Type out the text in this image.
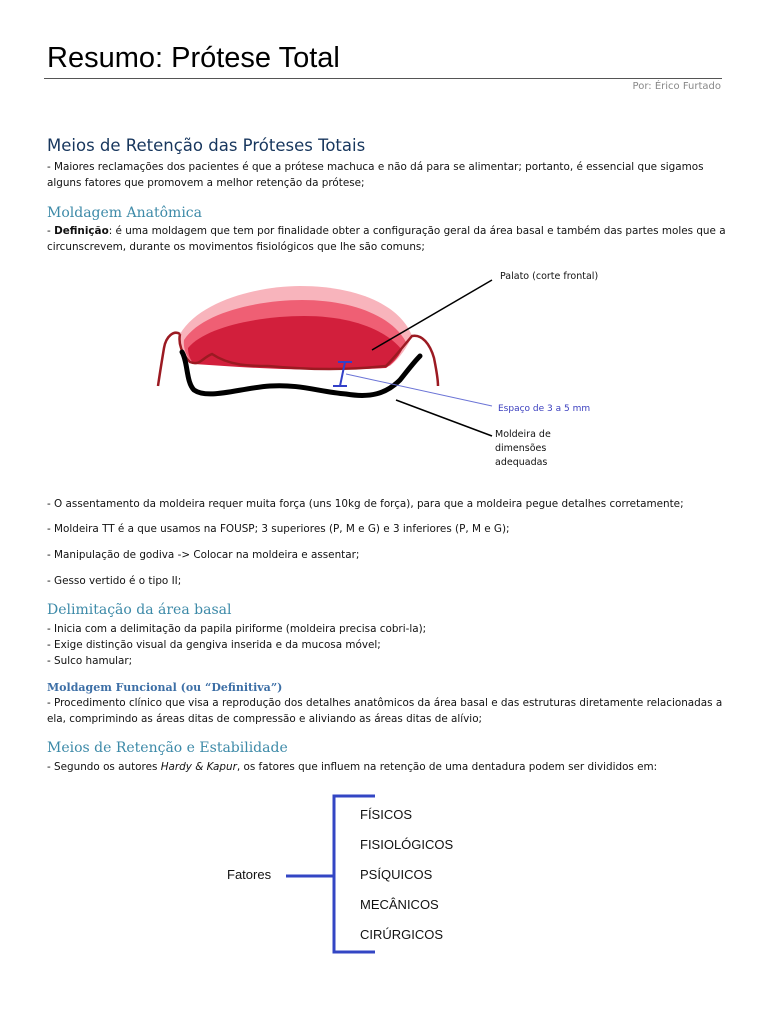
Resumo: Prótese Total
Por: Érico Furtado
Meios de Retenção das Próteses Totais
- Maiores reclamações dos pacientes é que a prótese machuca e não dá para se alimentar; portanto, é essencial que sigamos
alguns fatores que promovem a melhor retenção da prótese;
Moldagem Anatômica
- Definição: é uma moldagem que tem por finalidade obter a configuração geral da área basal e também das partes moles que a
circunscrevem, durante os movimentos fisiológicos que lhe são comuns;
Palato (corte frontal)
Espaço de 3 a 5 mm
Moldeira de
dimensões
adequadas
- O assentamento da moldeira requer muita força (uns 10kg de força), para que a moldeira pegue detalhes corretamente;
- Moldeira TT é a que usamos na FOUSP; 3 superiores (P, M e G) e 3 inferiores (P, M e G);
- Manipulação de godiva -> Colocar na moldeira e assentar;
- Gesso vertido é o tipo II;
Delimitação da área basal
- Inicia com a delimitação da papila piriforme (moldeira precisa cobri-la);
- Exige distinção visual da gengiva inserida e da mucosa móvel;
- Sulco hamular;
Moldagem Funcional (ou “Definitiva”)
- Procedimento clínico que visa a reprodução dos detalhes anatômicos da área basal e das estruturas diretamente relacionadas a
ela, comprimindo as áreas ditas de compressão e aliviando as áreas ditas de alívio;
Meios de Retenção e Estabilidade
- Segundo os autores Hardy & Kapur, os fatores que influem na retenção de uma dentadura podem ser divididos em:
Fatores
FÍSICOS
FISIOLÓGICOS
PSÍQUICOS
MECÂNICOS
CIRÚRGICOS
